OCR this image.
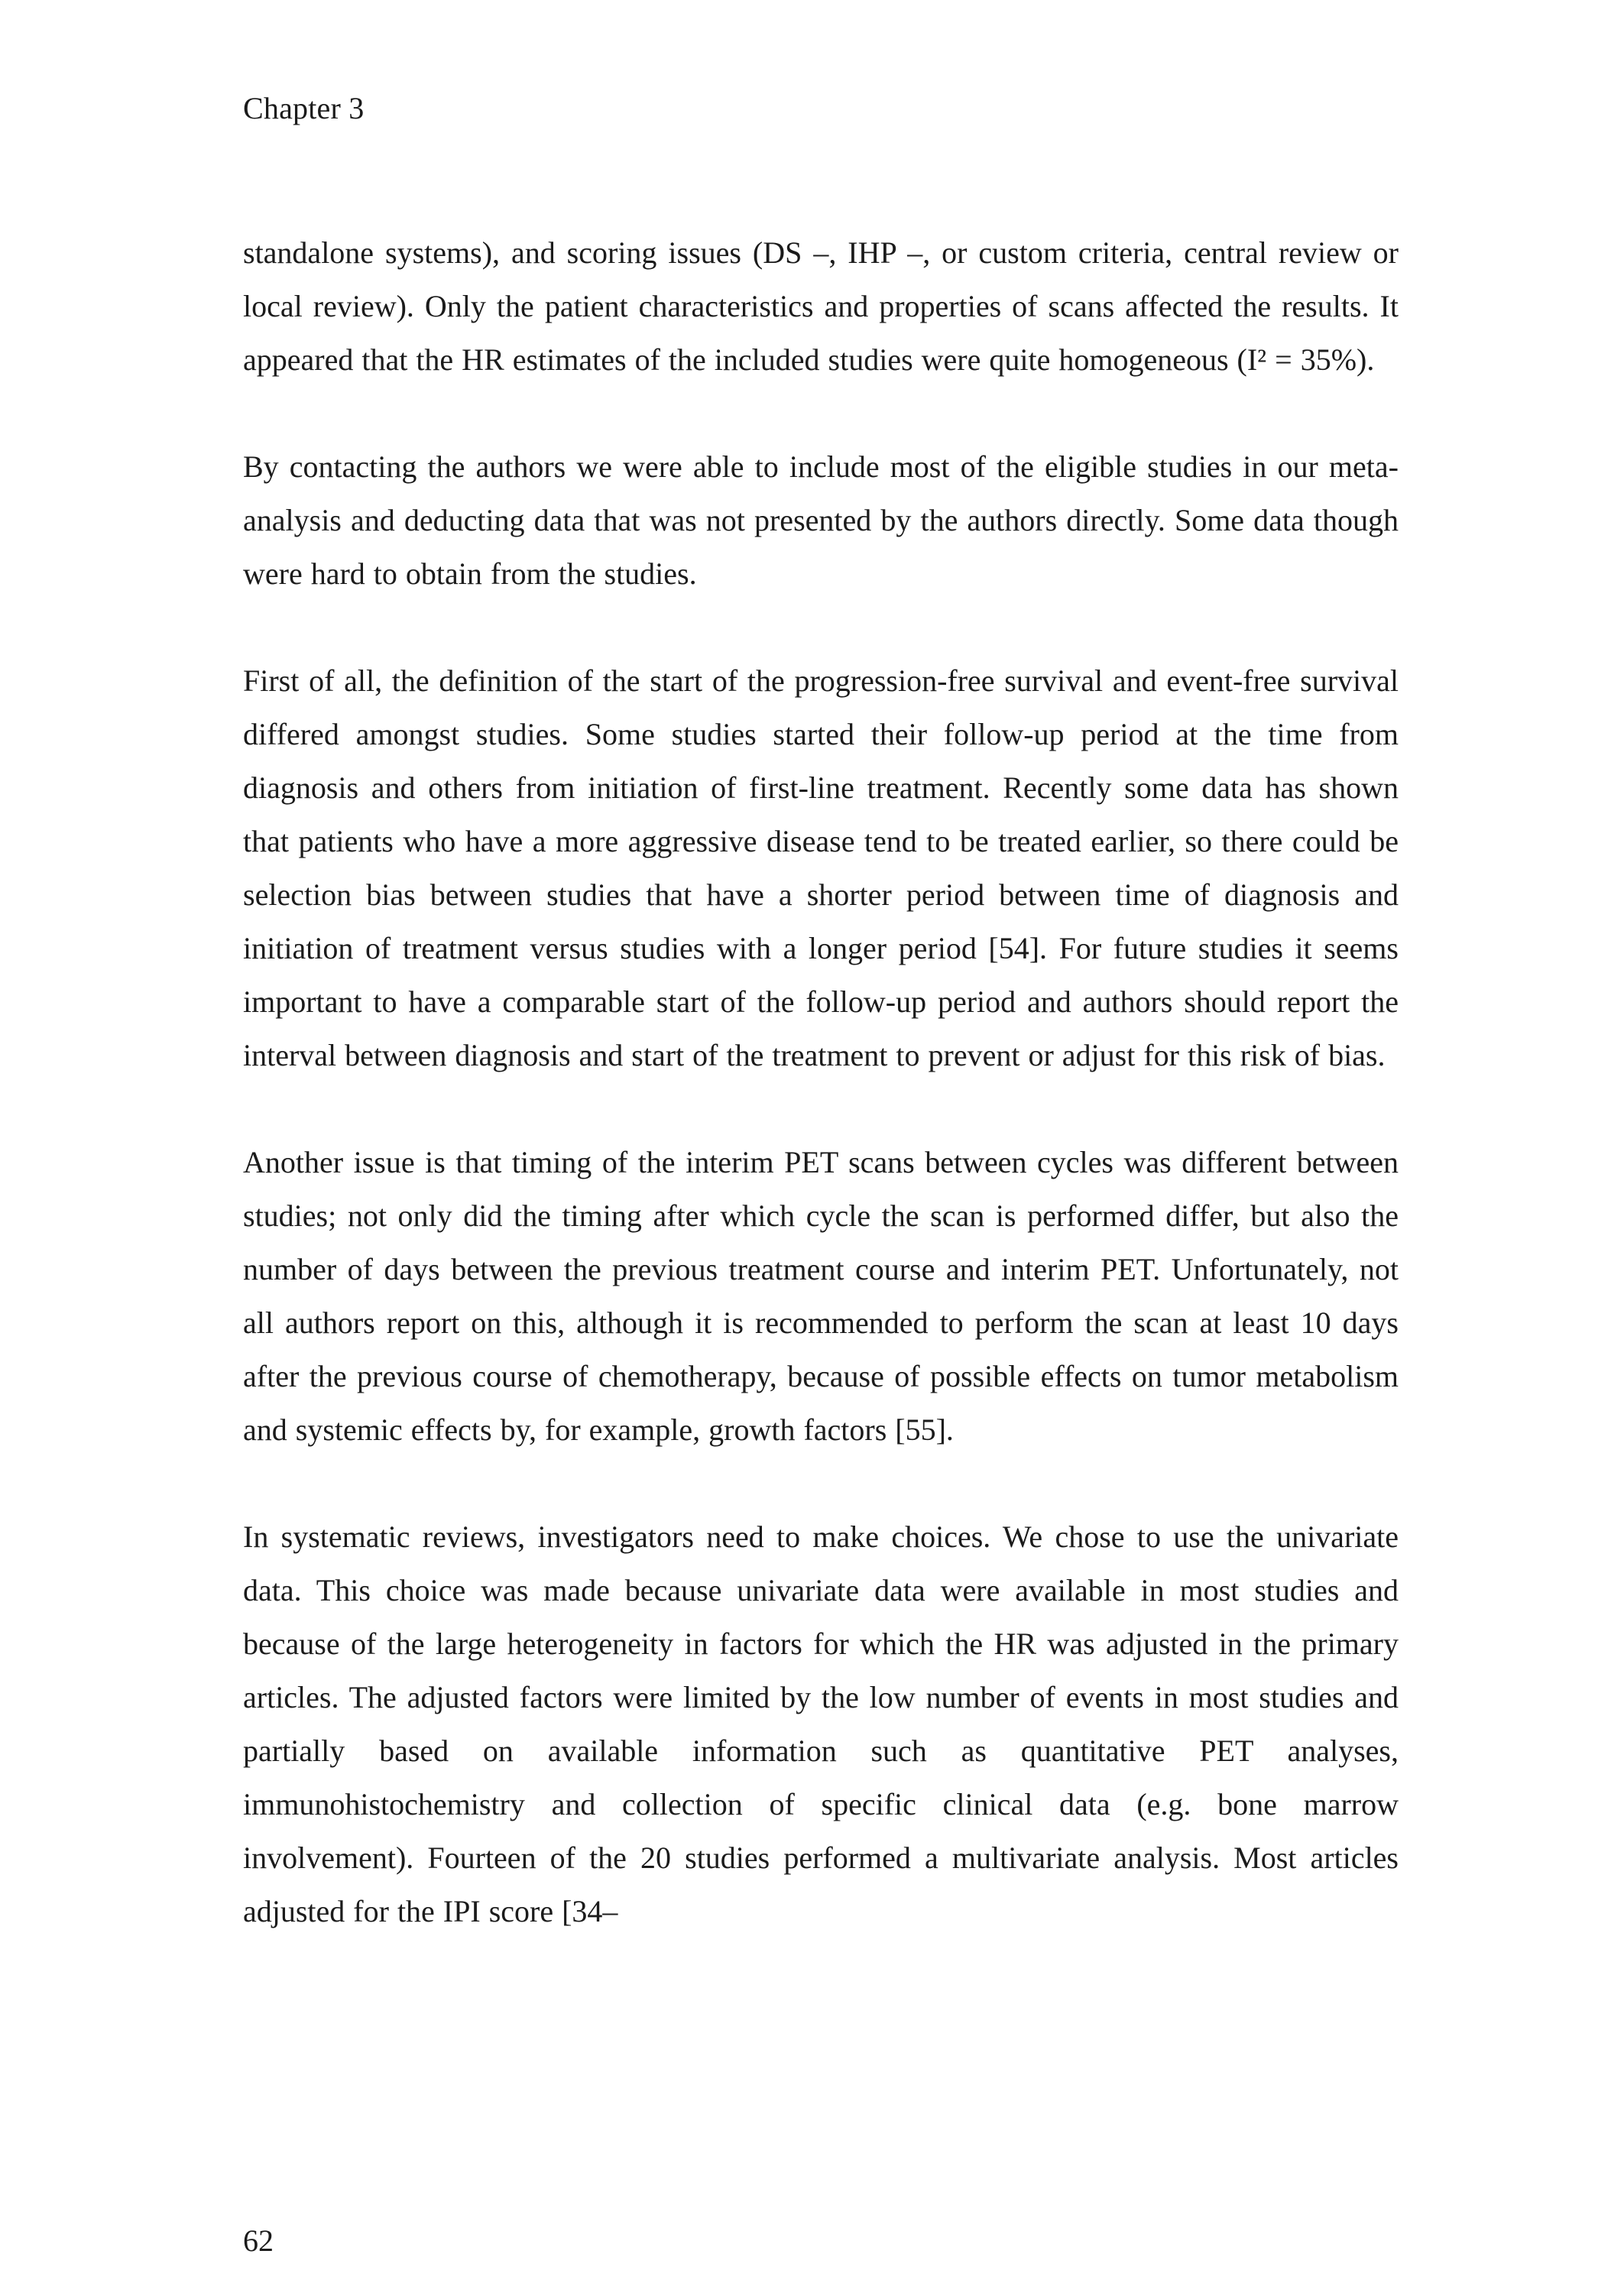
Chapter 3

standalone systems), and scoring issues (DS –, IHP –, or custom criteria, central review or local review). Only the patient characteristics and properties of scans affected the results. It appeared that the HR estimates of the included studies were quite homogeneous (I² = 35%).

By contacting the authors we were able to include most of the eligible studies in our meta-analysis and deducting data that was not presented by the authors directly. Some data though were hard to obtain from the studies.

First of all, the definition of the start of the progression-free survival and event-free survival differed amongst studies. Some studies started their follow-up period at the time from diagnosis and others from initiation of first-line treatment. Recently some data has shown that patients who have a more aggressive disease tend to be treated earlier, so there could be selection bias between studies that have a shorter period between time of diagnosis and initiation of treatment versus studies with a longer period [54]. For future studies it seems important to have a comparable start of the follow-up period and authors should report the interval between diagnosis and start of the treatment to prevent or adjust for this risk of bias.

Another issue is that timing of the interim PET scans between cycles was different between studies; not only did the timing after which cycle the scan is performed differ, but also the number of days between the previous treatment course and interim PET. Unfortunately, not all authors report on this, although it is recommended to perform the scan at least 10 days after the previous course of chemotherapy, because of possible effects on tumor metabolism and systemic effects by, for example, growth factors [55].

In systematic reviews, investigators need to make choices. We chose to use the univariate data. This choice was made because univariate data were available in most studies and because of the large heterogeneity in factors for which the HR was adjusted in the primary articles. The adjusted factors were limited by the low number of events in most studies and partially based on available information such as quantitative PET analyses, immunohistochemistry and collection of specific clinical data (e.g. bone marrow involvement). Fourteen of the 20 studies performed a multivariate analysis. Most articles adjusted for the IPI score [34–

62
